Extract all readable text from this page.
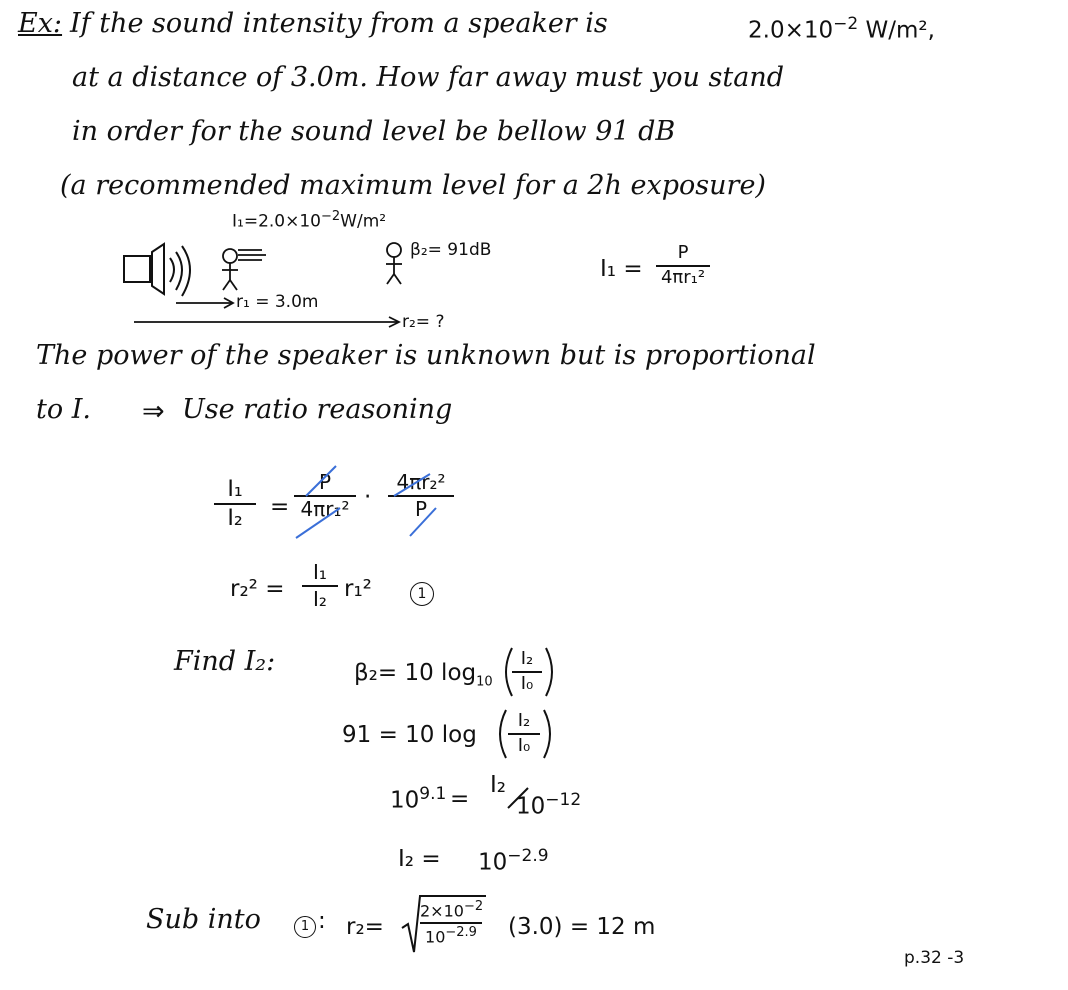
Ex: If the sound intensity from a speaker is	$2.0\times 10^{-2}$ W/m²,
at a distance of 3.0m. How far away must you stand
in order for the sound level be bellow 91 dB
(a recommended maximum level for a 2h exposure)
$I_1=2.0\times 10^{-2}W/m^2$
β₂= 91dB
r₁ = 3.0m
r₂= ?
I₁ =
P
4πr₁²
The power of the speaker is unknown but is proportional
to I. ⇒ Use ratio reasoning
I₁
I₂	=
P
4πr₁² ·
4πr₂²
P
r₂² =
I₁
I₂ r₁²	1
Find I₂:	β₂= 10 $\log_{10}$
I₂
I₀
91 = 10 log
I₂
I₀
$10^{9.1}$ =
I₂
$10^{-12}$
$I_2 = 10^{-2.9}$
Sub into	1 : r₂=
$2\times 10^{-2}$
$10^{-2.9}$ (3.0) = 12 m
p.32 -3
